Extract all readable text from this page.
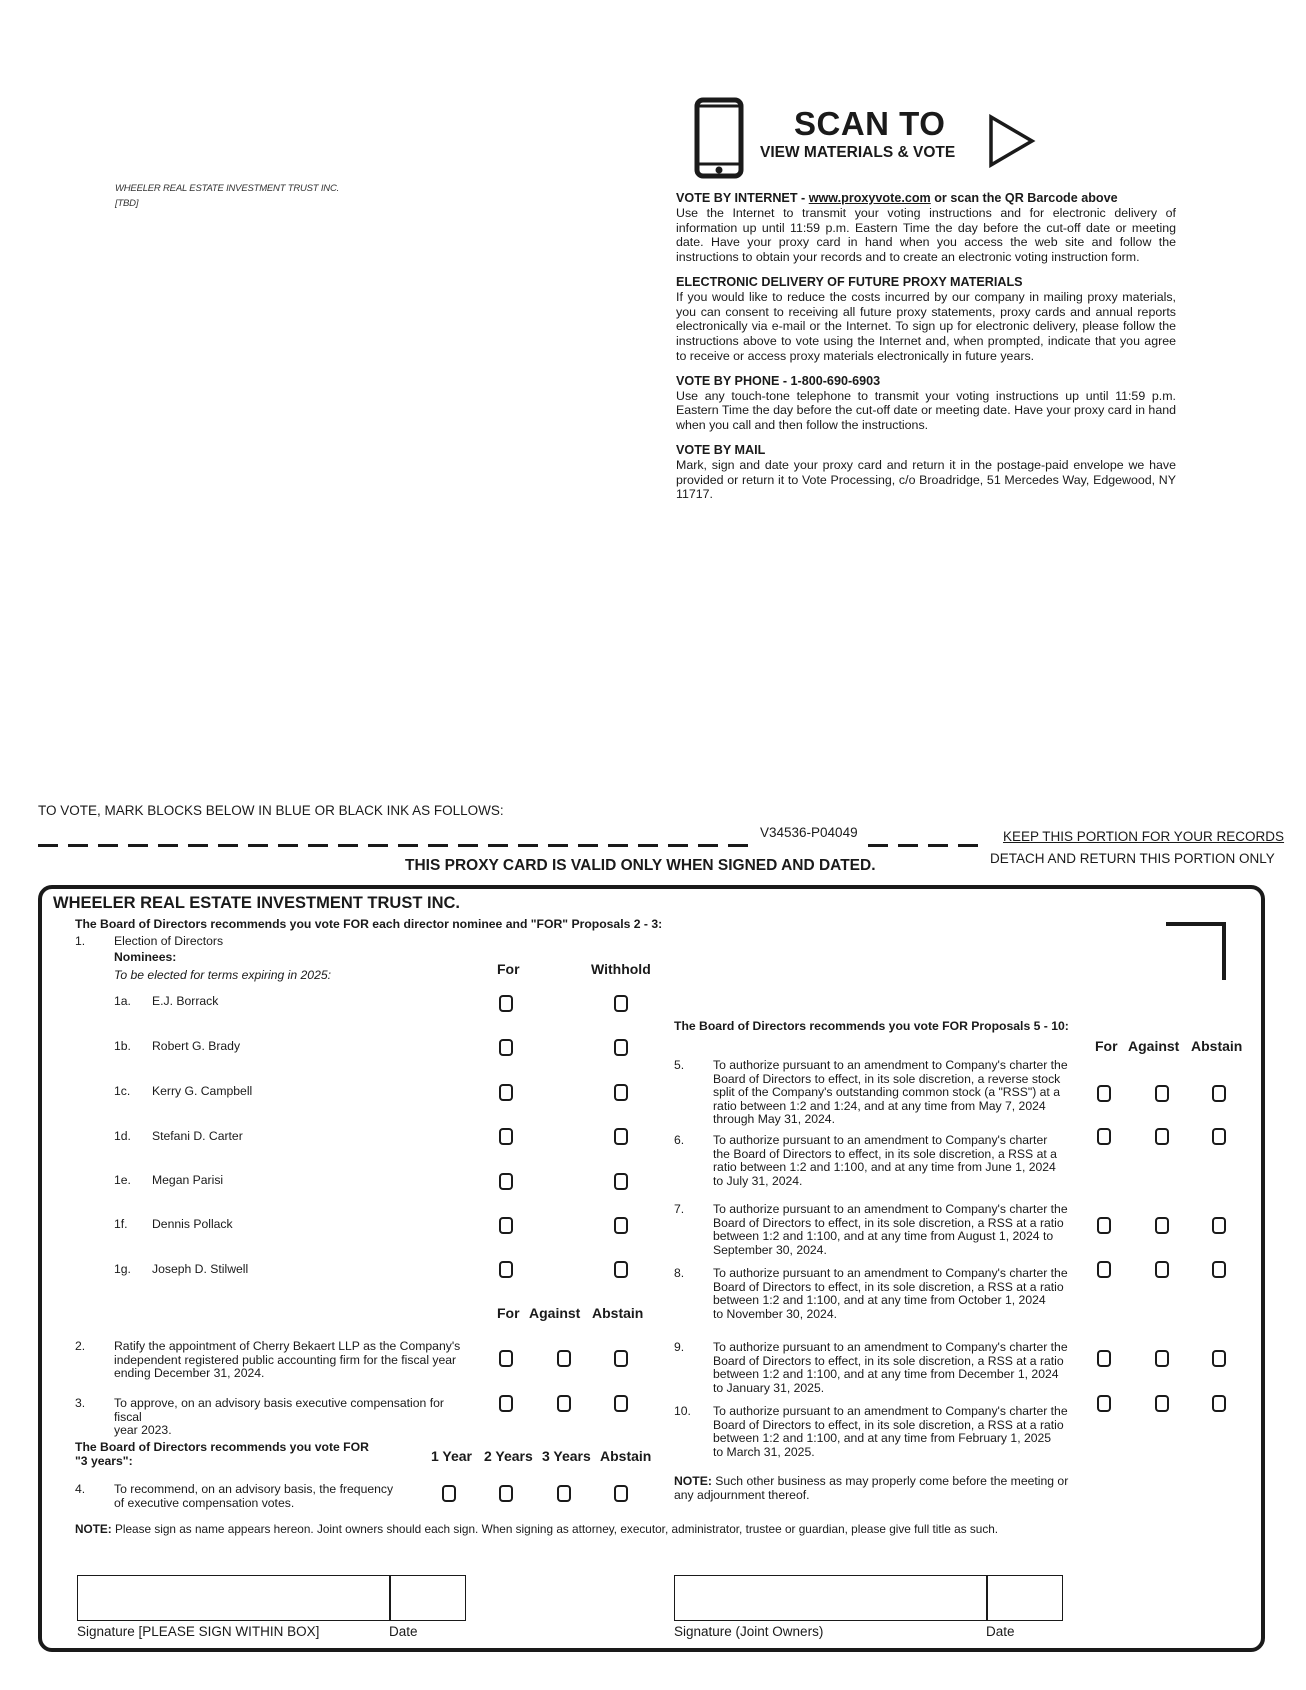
WHEELER REAL ESTATE INVESTMENT TRUST INC.
[TBD]
SCAN TO
VIEW MATERIALS & VOTE
VOTE BY INTERNET - www.proxyvote.com or scan the QR Barcode above

Use the Internet to transmit your voting instructions and for electronic delivery of information up until 11:59 p.m. Eastern Time the day before the cut-off date or meeting date. Have your proxy card in hand when you access the web site and follow the instructions to obtain your records and to create an electronic voting instruction form.

ELECTRONIC DELIVERY OF FUTURE PROXY MATERIALS

If you would like to reduce the costs incurred by our company in mailing proxy materials, you can consent to receiving all future proxy statements, proxy cards and annual reports electronically via e-mail or the Internet. To sign up for electronic delivery, please follow the instructions above to vote using the Internet and, when prompted, indicate that you agree to receive or access proxy materials electronically in future years.

VOTE BY PHONE - 1-800-690-6903

Use any touch-tone telephone to transmit your voting instructions up until 11:59 p.m. Eastern Time the day before the cut-off date or meeting date. Have your proxy card in hand when you call and then follow the instructions.

VOTE BY MAIL

Mark, sign and date your proxy card and return it in the postage-paid envelope we have provided or return it to Vote Processing, c/o Broadridge, 51 Mercedes Way, Edgewood, NY 11717.

TO VOTE, MARK BLOCKS BELOW IN BLUE OR BLACK INK AS FOLLOWS:
V34536-P04049	KEEP THIS PORTION FOR YOUR RECORDS
DETACH AND RETURN THIS PORTION ONLY
THIS PROXY CARD IS VALID ONLY WHEN SIGNED AND DATED.
WHEELER REAL ESTATE INVESTMENT TRUST INC.
The Board of Directors recommends you vote FOR each director nominee and "FOR" Proposals 2 - 3:
1. Election of Directors
Nominees:
To be elected for terms expiring in 2025:	For	Withhold
1a. E.J. Borrack
1b. Robert G. Brady
1c. Kerry G. Campbell
1d. Stefani D. Carter
1e. Megan Parisi
1f. Dennis Pollack
1g. Joseph D. Stilwell
For Against Abstain
2. Ratify the appointment of Cherry Bekaert LLP as the Company's
independent registered public accounting firm for the fiscal year
ending December 31, 2024.
3. To approve, on an advisory basis executive compensation for fiscal
year 2023.
The Board of Directors recommends you vote FOR
"3 years":	1 Year 2 Years 3 Years Abstain
4. To recommend, on an advisory basis, the frequency
of executive compensation votes.
NOTE: Please sign as name appears hereon. Joint owners should each sign. When signing as attorney, executor, administrator, trustee or guardian, please give full title as such.
The Board of Directors recommends you vote FOR Proposals 5 - 10:
For Against Abstain
5. To authorize pursuant to an amendment to Company's charter the
Board of Directors to effect, in its sole discretion, a reverse stock
split of the Company's outstanding common stock (a "RSS") at a
ratio between 1:2 and 1:24, and at any time from May 7, 2024
through May 31, 2024.
6. To authorize pursuant to an amendment to Company's charter
the Board of Directors to effect, in its sole discretion, a RSS at a
ratio between 1:2 and 1:100, and at any time from June 1, 2024
to July 31, 2024.
7. To authorize pursuant to an amendment to Company's charter the
Board of Directors to effect, in its sole discretion, a RSS at a ratio
between 1:2 and 1:100, and at any time from August 1, 2024 to
September 30, 2024.
8. To authorize pursuant to an amendment to Company's charter the
Board of Directors to effect, in its sole discretion, a RSS at a ratio
between 1:2 and 1:100, and at any time from October 1, 2024
to November 30, 2024.
9. To authorize pursuant to an amendment to Company's charter the
Board of Directors to effect, in its sole discretion, a RSS at a ratio
between 1:2 and 1:100, and at any time from December 1, 2024
to January 31, 2025.
10. To authorize pursuant to an amendment to Company's charter the
Board of Directors to effect, in its sole discretion, a RSS at a ratio
between 1:2 and 1:100, and at any time from February 1, 2025
to March 31, 2025.
NOTE: Such other business as may properly come before the meeting or
any adjournment thereof.
Signature [PLEASE SIGN WITHIN BOX]	Date	Signature (Joint Owners)	Date
